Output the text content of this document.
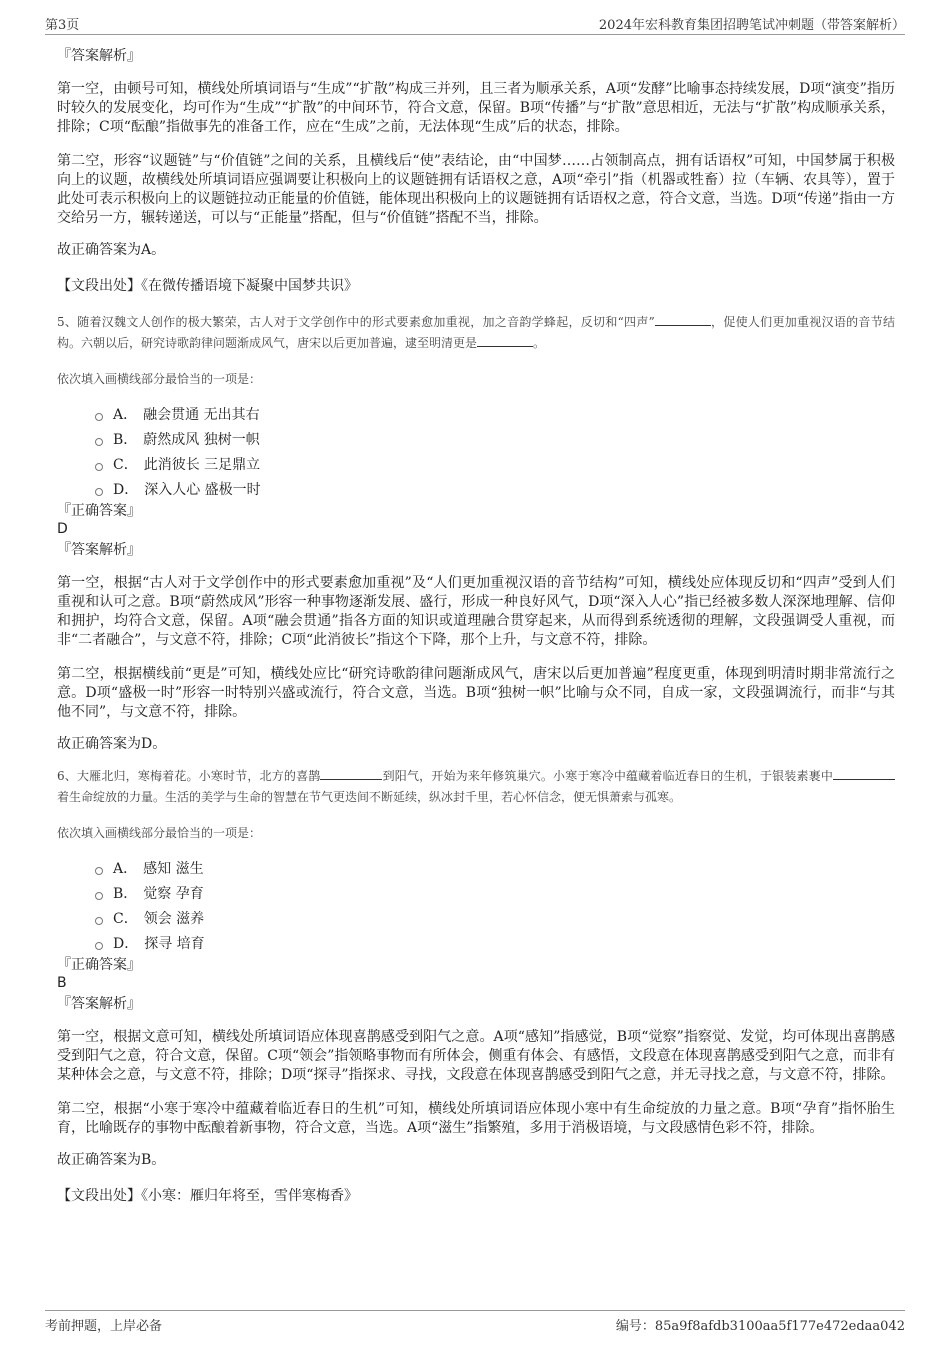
第3页	2024年宏科教育集团招聘笔试冲刺题（带答案解析）
『答案解析』

第一空，由顿号可知，横线处所填词语与“生成”“扩散”构成三并列，且三者为顺承关系，A项“发酵”比喻事态持续发展，D项“演变”指历时较久的发展变化，均可作为“生成”“扩散”的中间环节，符合文意，保留。B项“传播”与“扩散”意思相近，无法与“扩散”构成顺承关系，排除；C项“酝酿”指做事先的准备工作，应在“生成”之前，无法体现“生成”后的状态，排除。

第二空，形容“议题链”与“价值链”之间的关系，且横线后“使”表结论，由“中国梦……占领制高点，拥有话语权”可知，中国梦属于积极向上的议题，故横线处所填词语应强调要让积极向上的议题链拥有话语权之意，A项“牵引”指（机器或牲畜）拉（车辆、农具等），置于此处可表示积极向上的议题链拉动正能量的价值链，能体现出积极向上的议题链拥有话语权之意，符合文意，当选。D项“传递”指由一方交给另一方，辗转递送，可以与“正能量”搭配，但与“价值链”搭配不当，排除。

故正确答案为A。
【文段出处】《在微传播语境下凝聚中国梦共识》
5、随着汉魏文人创作的极大繁荣，古人对于文学创作中的形式要素愈加重视，加之音韵学蜂起，反切和“四声”	，促使人们更加重视汉语的音节结构。六朝以后，研究诗歌韵律问题渐成风气，唐宋以后更加普遍，逮至明清更是	。
依次填入画横线部分最恰当的一项是：
A． 融会贯通 无出其右
B． 蔚然成风 独树一帜
C． 此消彼长 三足鼎立
D． 深入人心 盛极一时
『正确答案』
D
『答案解析』

第一空，根据“古人对于文学创作中的形式要素愈加重视”及“人们更加重视汉语的音节结构”可知，横线处应体现反切和“四声”受到人们重视和认可之意。B项“蔚然成风”形容一种事物逐渐发展、盛行，形成一种良好风气，D项“深入人心”指已经被多数人深深地理解、信仰和拥护，均符合文意，保留。A项“融会贯通”指各方面的知识或道理融合贯穿起来，从而得到系统透彻的理解，文段强调受人重视，而非“二者融合”，与文意不符，排除；C项“此消彼长”指这个下降，那个上升，与文意不符，排除。

第二空，根据横线前“更是”可知，横线处应比“研究诗歌韵律问题渐成风气，唐宋以后更加普遍”程度更重，体现到明清时期非常流行之意。D项“盛极一时”形容一时特别兴盛或流行，符合文意，当选。B项“独树一帜”比喻与众不同，自成一家，文段强调流行，而非“与其他不同”，与文意不符，排除。

故正确答案为D。
6、大雁北归，寒梅着花。小寒时节，北方的喜鹊	到阳气，开始为来年修筑巢穴。小寒于寒冷中蕴藏着临近春日的生机，于银装素裹中着生命绽放的力量。生活的美学与生命的智慧在节气更迭间不断延续，纵冰封千里，若心怀信念，便无惧萧索与孤寒。
依次填入画横线部分最恰当的一项是：
A． 感知 滋生
B． 觉察 孕育
C． 领会 滋养
D． 探寻 培育
『正确答案』
B
『答案解析』

第一空，根据文意可知，横线处所填词语应体现喜鹊感受到阳气之意。A项“感知”指感觉，B项“觉察”指察觉、发觉，均可体现出喜鹊感受到阳气之意，符合文意，保留。C项“领会”指领略事物而有所体会，侧重有体会、有感悟，文段意在体现喜鹊感受到阳气之意，而非有某种体会之意，与文意不符，排除；D项“探寻”指探求、寻找，文段意在体现喜鹊感受到阳气之意，并无寻找之意，与文意不符，排除。

第二空，根据“小寒于寒冷中蕴藏着临近春日的生机”可知，横线处所填词语应体现小寒中有生命绽放的力量之意。B项“孕育”指怀胎生育，比喻既存的事物中酝酿着新事物，符合文意，当选。A项“滋生”指繁殖，多用于消极语境，与文段感情色彩不符，排除。

故正确答案为B。
【文段出处】《小寒：雁归年将至，雪伴寒梅香》
考前押题，上岸必备	编号：85a9f8afdb3100aa5f177e472edaa042
